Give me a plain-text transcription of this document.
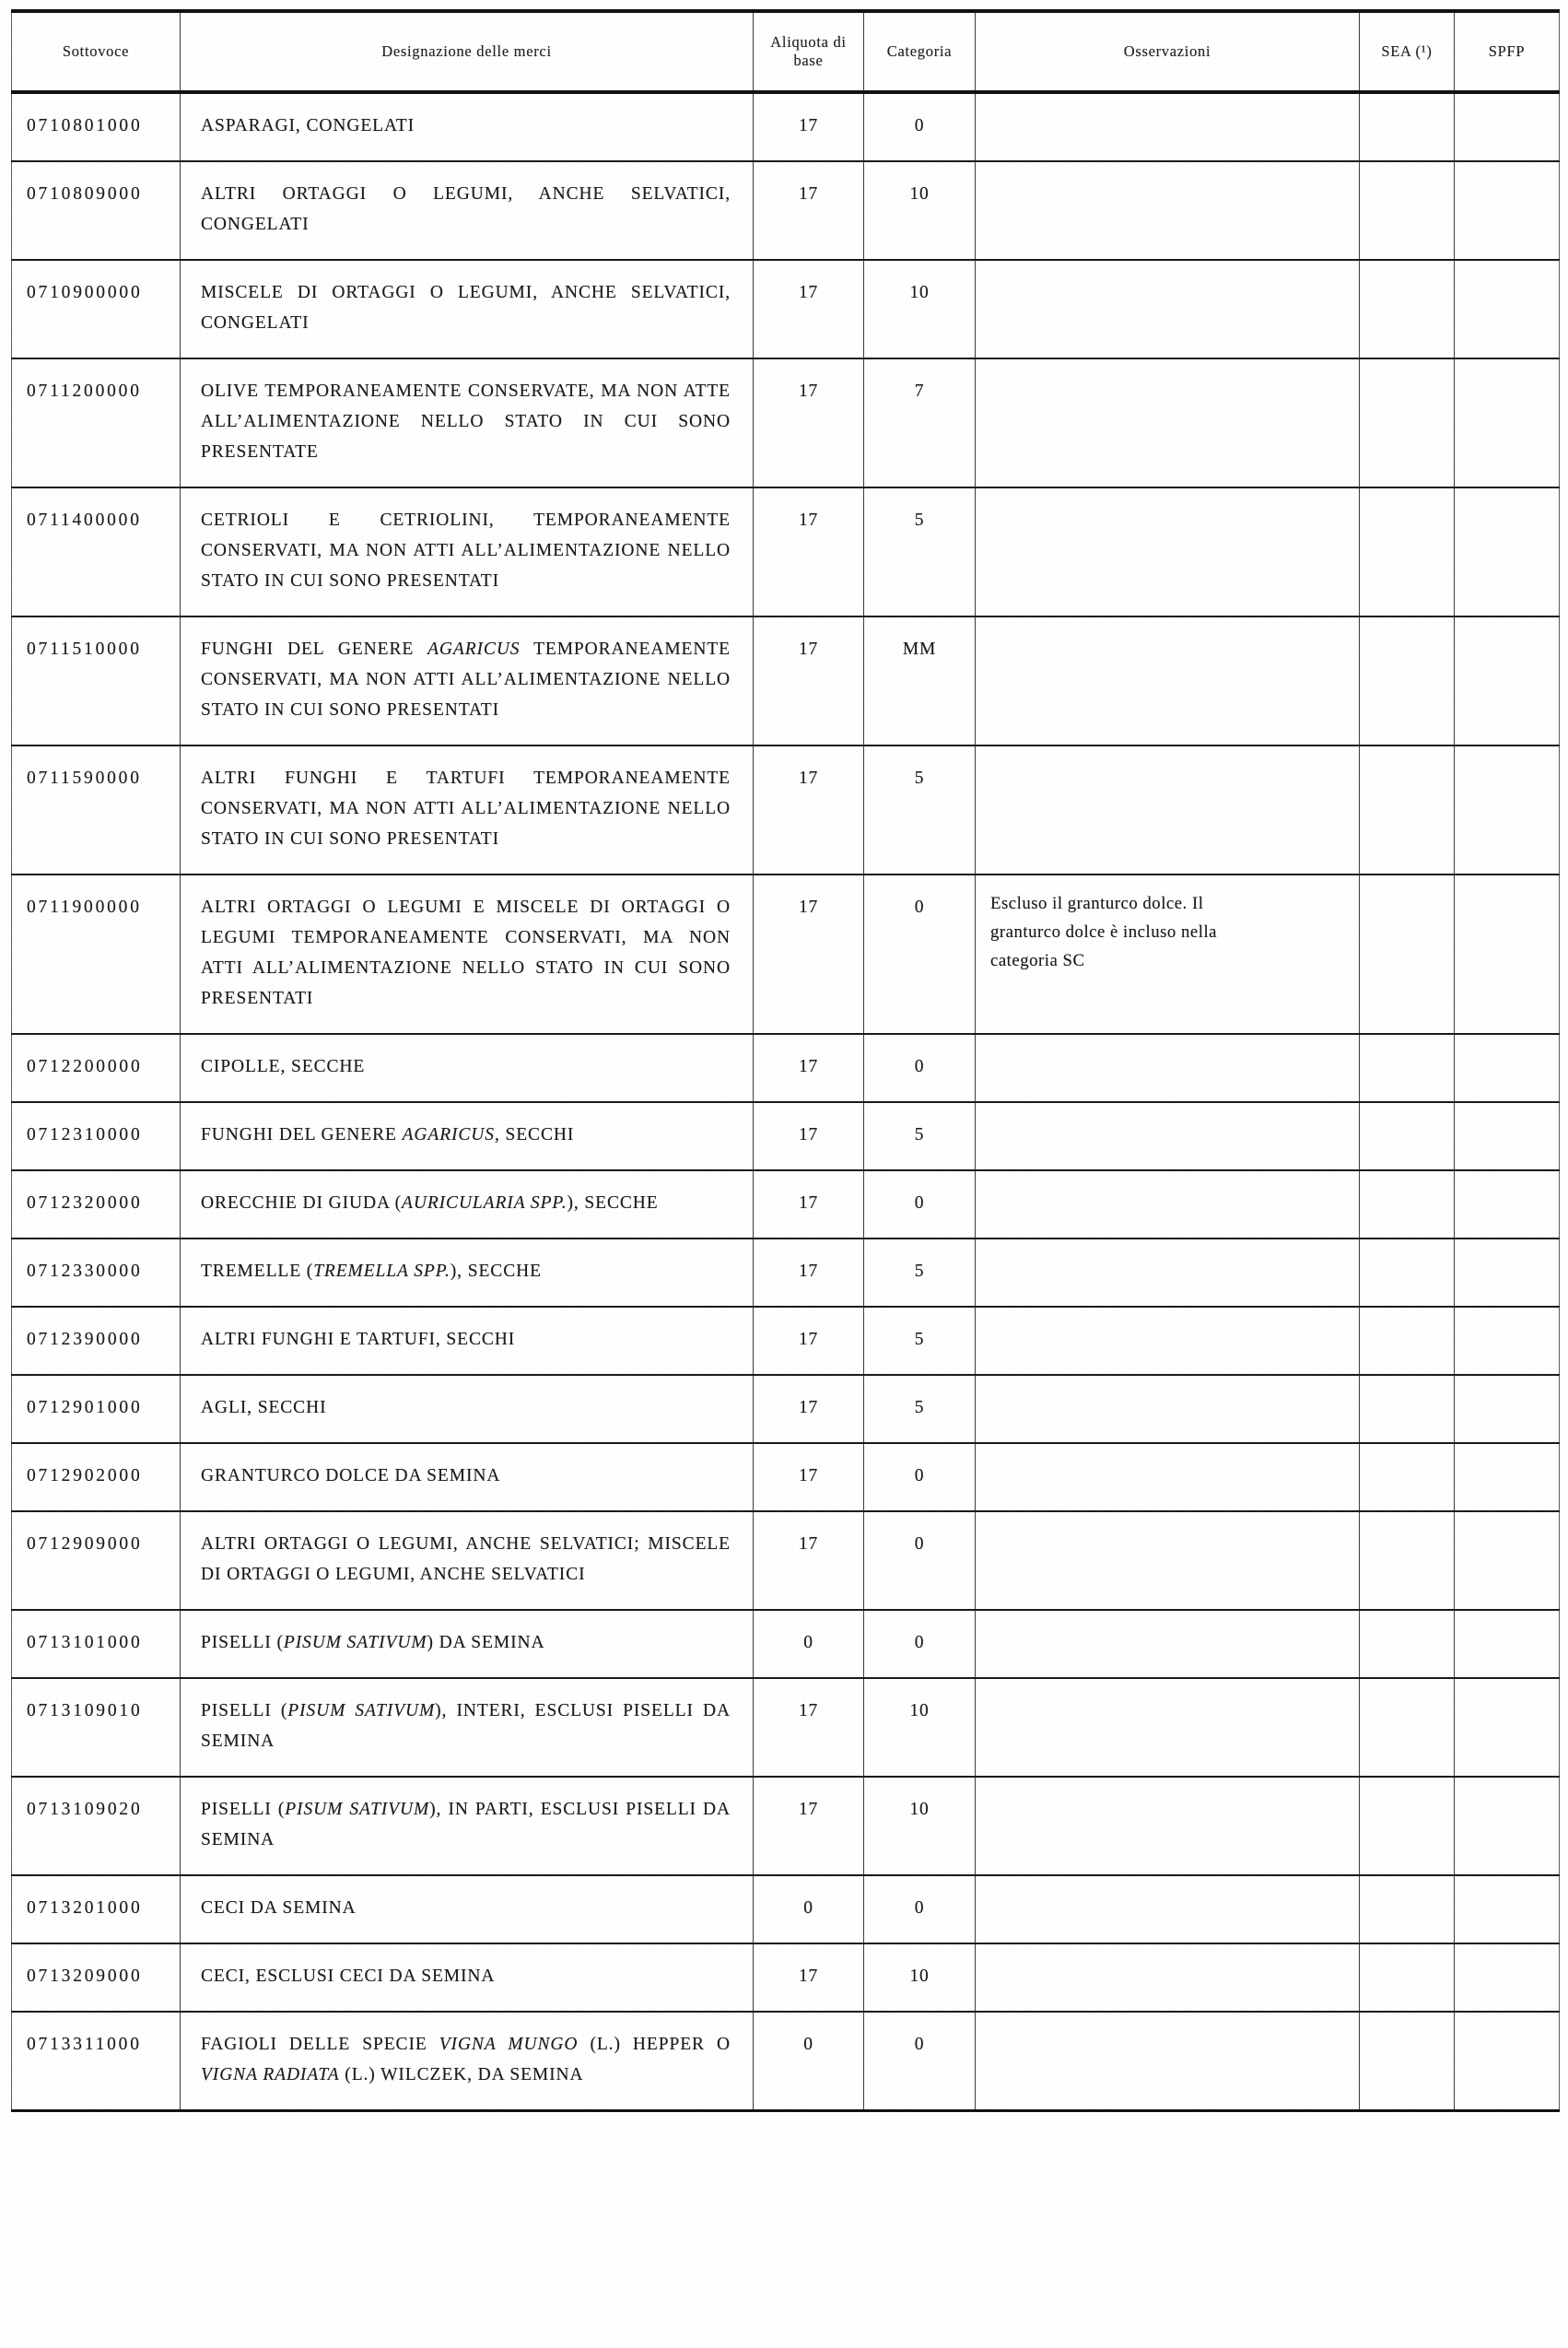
Sottovoce	Designazione delle merci	Aliquota di base	Categoria	Osservazioni	SEA (¹)	SPFP
0710801000	ASPARAGI, CONGELATI	17	0			
0710809000	ALTRI ORTAGGI O LEGUMI, ANCHE SELVATICI, CONGELATI	17	10			
0710900000	MISCELE DI ORTAGGI O LEGUMI, ANCHE SELVATICI, CONGELATI	17	10			
0711200000	OLIVE TEMPORANEAMENTE CONSERVATE, MA NON ATTE ALL’ALIMENTAZIONE NELLO STATO IN CUI SONO PRESENTATE	17	7			
0711400000	CETRIOLI E CETRIOLINI, TEMPORANEAMENTE CONSERVATI, MA NON ATTI ALL’ALIMENTAZIONE NELLO STATO IN CUI SONO PRESENTATI	17	5			
0711510000	FUNGHI DEL GENERE AGARICUS TEMPORANEAMENTE CONSERVATI, MA NON ATTI ALL’ALIMENTAZIONE NELLO STATO IN CUI SONO PRESENTATI	17	MM			
0711590000	ALTRI FUNGHI E TARTUFI TEMPORANEAMENTE CONSERVATI, MA NON ATTI ALL’ALIMENTAZIONE NELLO STATO IN CUI SONO PRESENTATI	17	5			
0711900000	ALTRI ORTAGGI O LEGUMI E MISCELE DI ORTAGGI O LEGUMI TEMPORANEAMENTE CONSERVATI, MA NON ATTI ALL’ALIMENTAZIONE NELLO STATO IN CUI SONO PRESENTATI	17	0	Escluso il granturco dolce. Il
granturco dolce è incluso nella
categoria SC		
0712200000	CIPOLLE, SECCHE	17	0			
0712310000	FUNGHI DEL GENERE AGARICUS, SECCHI	17	5			
0712320000	ORECCHIE DI GIUDA (AURICULARIA SPP.), SECCHE	17	0			
0712330000	TREMELLE (TREMELLA SPP.), SECCHE	17	5			
0712390000	ALTRI FUNGHI E TARTUFI, SECCHI	17	5			
0712901000	AGLI, SECCHI	17	5			
0712902000	GRANTURCO DOLCE DA SEMINA	17	0			
0712909000	ALTRI ORTAGGI O LEGUMI, ANCHE SELVATICI; MISCELE DI ORTAGGI O LEGUMI, ANCHE SELVATICI	17	0			
0713101000	PISELLI (PISUM SATIVUM) DA SEMINA	0	0			
0713109010	PISELLI (PISUM SATIVUM), INTERI, ESCLUSI PISELLI DA SEMINA	17	10			
0713109020	PISELLI (PISUM SATIVUM), IN PARTI, ESCLUSI PISELLI DA SEMINA	17	10			
0713201000	CECI DA SEMINA	0	0			
0713209000	CECI, ESCLUSI CECI DA SEMINA	17	10			
0713311000	FAGIOLI DELLE SPECIE VIGNA MUNGO (L.) HEPPER O VIGNA RADIATA (L.) WILCZEK, DA SEMINA	0	0			
